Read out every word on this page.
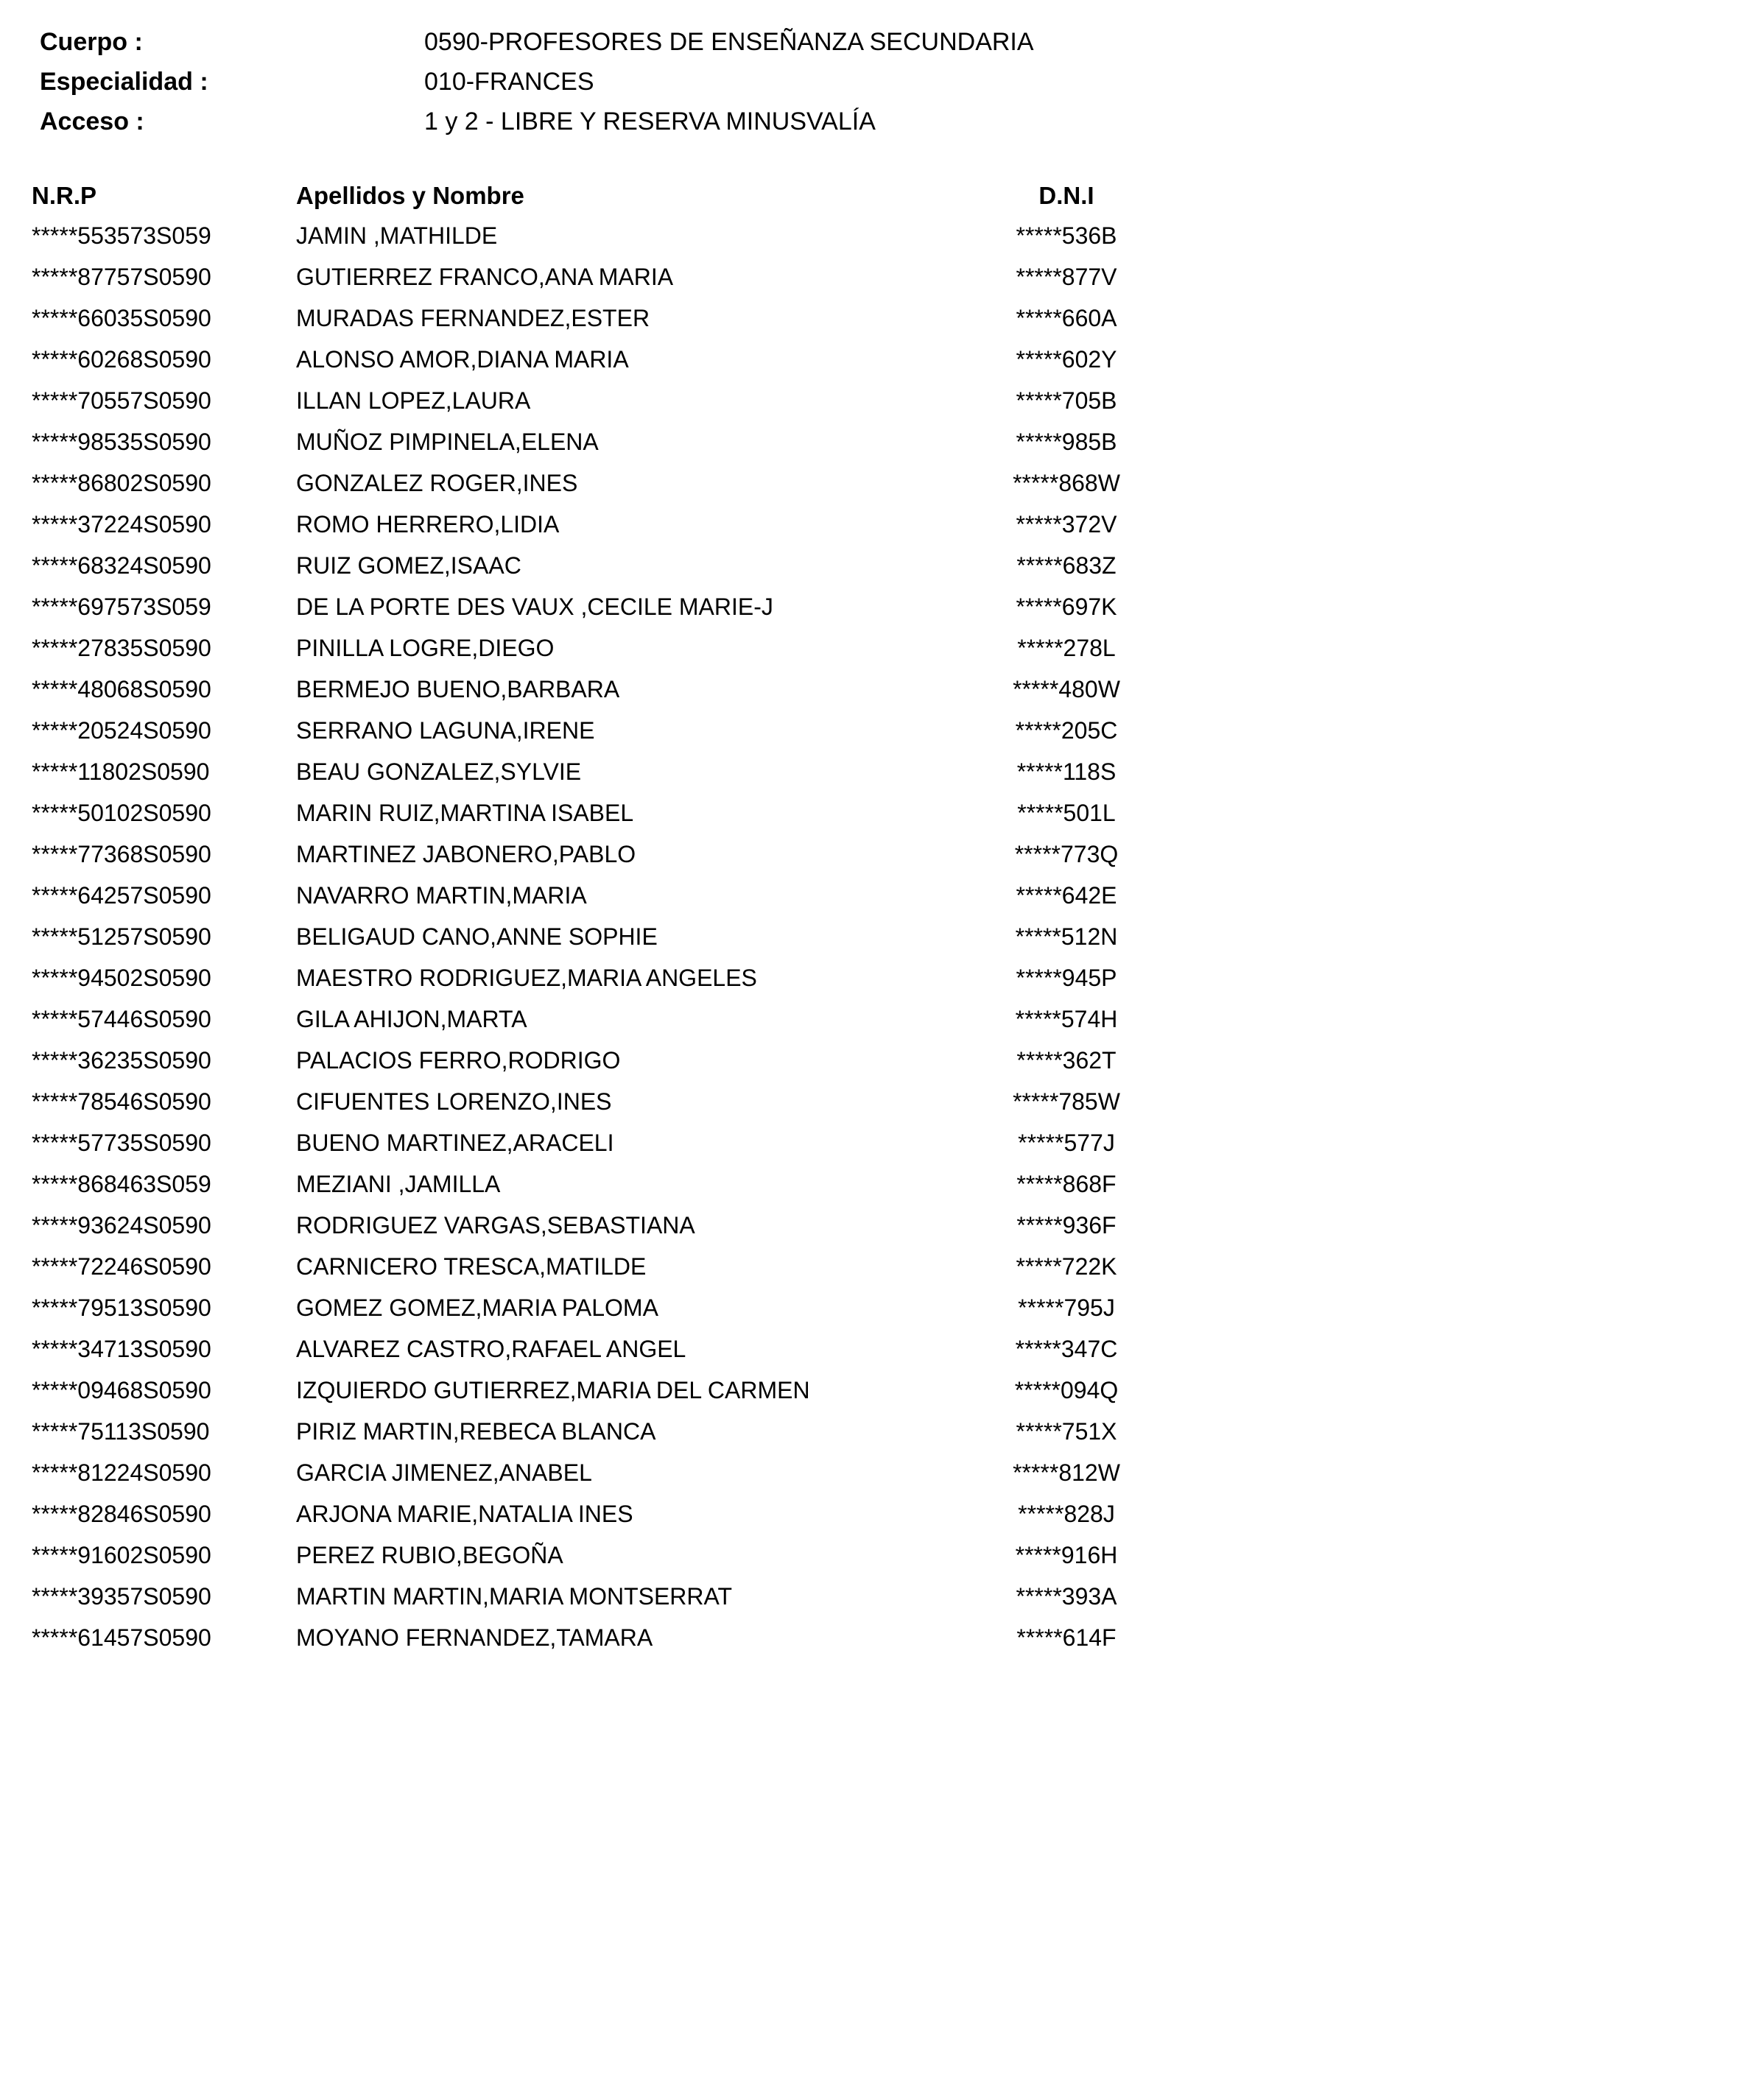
Cuerpo :	0590-PROFESORES DE ENSEÑANZA SECUNDARIA
Especialidad :	010-FRANCES
Acceso :	1 y 2 - LIBRE Y RESERVA MINUSVALÍA
N.R.P	Apellidos y Nombre	D.N.I
*****553573S059	JAMIN ,MATHILDE	*****536B
*****87757S0590	GUTIERREZ FRANCO,ANA MARIA	*****877V
*****66035S0590	MURADAS FERNANDEZ,ESTER	*****660A
*****60268S0590	ALONSO AMOR,DIANA MARIA	*****602Y
*****70557S0590	ILLAN LOPEZ,LAURA	*****705B
*****98535S0590	MUÑOZ PIMPINELA,ELENA	*****985B
*****86802S0590	GONZALEZ ROGER,INES	*****868W
*****37224S0590	ROMO HERRERO,LIDIA	*****372V
*****68324S0590	RUIZ GOMEZ,ISAAC	*****683Z
*****697573S059	DE LA PORTE DES VAUX ,CECILE MARIE-J	*****697K
*****27835S0590	PINILLA LOGRE,DIEGO	*****278L
*****48068S0590	BERMEJO BUENO,BARBARA	*****480W
*****20524S0590	SERRANO LAGUNA,IRENE	*****205C
*****11802S0590	BEAU GONZALEZ,SYLVIE	*****118S
*****50102S0590	MARIN RUIZ,MARTINA ISABEL	*****501L
*****77368S0590	MARTINEZ JABONERO,PABLO	*****773Q
*****64257S0590	NAVARRO MARTIN,MARIA	*****642E
*****51257S0590	BELIGAUD CANO,ANNE SOPHIE	*****512N
*****94502S0590	MAESTRO RODRIGUEZ,MARIA ANGELES	*****945P
*****57446S0590	GILA AHIJON,MARTA	*****574H
*****36235S0590	PALACIOS FERRO,RODRIGO	*****362T
*****78546S0590	CIFUENTES LORENZO,INES	*****785W
*****57735S0590	BUENO MARTINEZ,ARACELI	*****577J
*****868463S059	MEZIANI ,JAMILLA	*****868F
*****93624S0590	RODRIGUEZ VARGAS,SEBASTIANA	*****936F
*****72246S0590	CARNICERO TRESCA,MATILDE	*****722K
*****79513S0590	GOMEZ GOMEZ,MARIA PALOMA	*****795J
*****34713S0590	ALVAREZ CASTRO,RAFAEL ANGEL	*****347C
*****09468S0590	IZQUIERDO GUTIERREZ,MARIA DEL CARMEN	*****094Q
*****75113S0590	PIRIZ MARTIN,REBECA BLANCA	*****751X
*****81224S0590	GARCIA JIMENEZ,ANABEL	*****812W
*****82846S0590	ARJONA MARIE,NATALIA INES	*****828J
*****91602S0590	PEREZ RUBIO,BEGOÑA	*****916H
*****39357S0590	MARTIN MARTIN,MARIA MONTSERRAT	*****393A
*****61457S0590	MOYANO FERNANDEZ,TAMARA	*****614F
